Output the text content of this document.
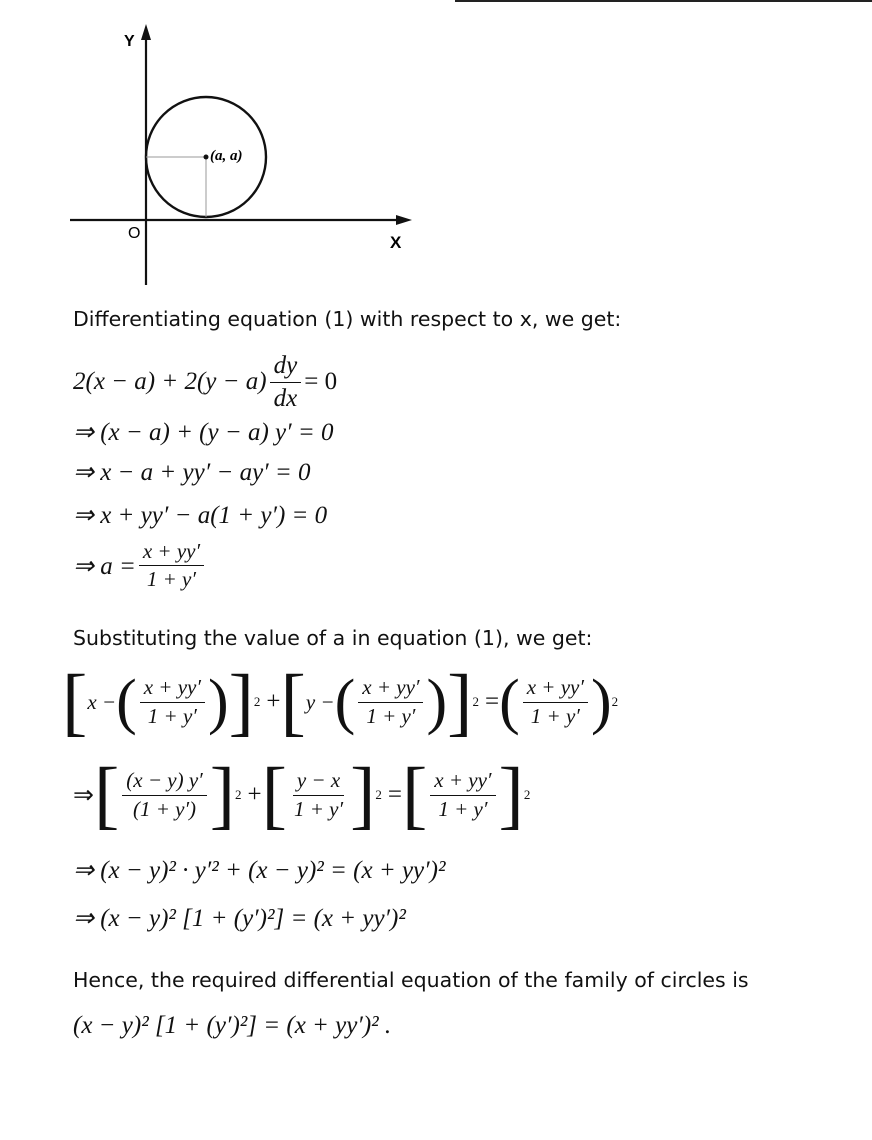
Y
X
O
(a, a)

Differentiating equation (1) with respect to x, we get:

$2(x - a) + 2(y - a) \frac{dy}{dx} = 0$

⇒ (x − a) + (y − a) y′ = 0

⇒ x − a + yy′ − ay′ = 0

⇒ x + yy′ − a(1 + y′) = 0

⇒ $a = \frac{x + yy'}{1 + y'}$

Substituting the value of a in equation (1), we get:

[ x − ( $\frac{x + yy'}{1 + y'}$ ) ] 2 + [ y − ( $\frac{x + yy'}{1 + y'}$ ) ] 2 = ( $\frac{x + yy'}{1 + y'}$ ) 2
⇒ [ $\frac{(x - y) y'}{(1 + y')}$ ] 2 + [ $\frac{y - x}{1 + y'}$ ] 2 = [ $\frac{x + yy'}{1 + y'}$ ] 2

⇒ (x − y)² · y′² + (x − y)² = (x + yy′)²

⇒ (x − y)² [1 + (y′)²] = (x + yy′)²

Hence, the required differential equation of the family of circles is

(x − y)² [1 + (y′)²] = (x + yy′)² .
